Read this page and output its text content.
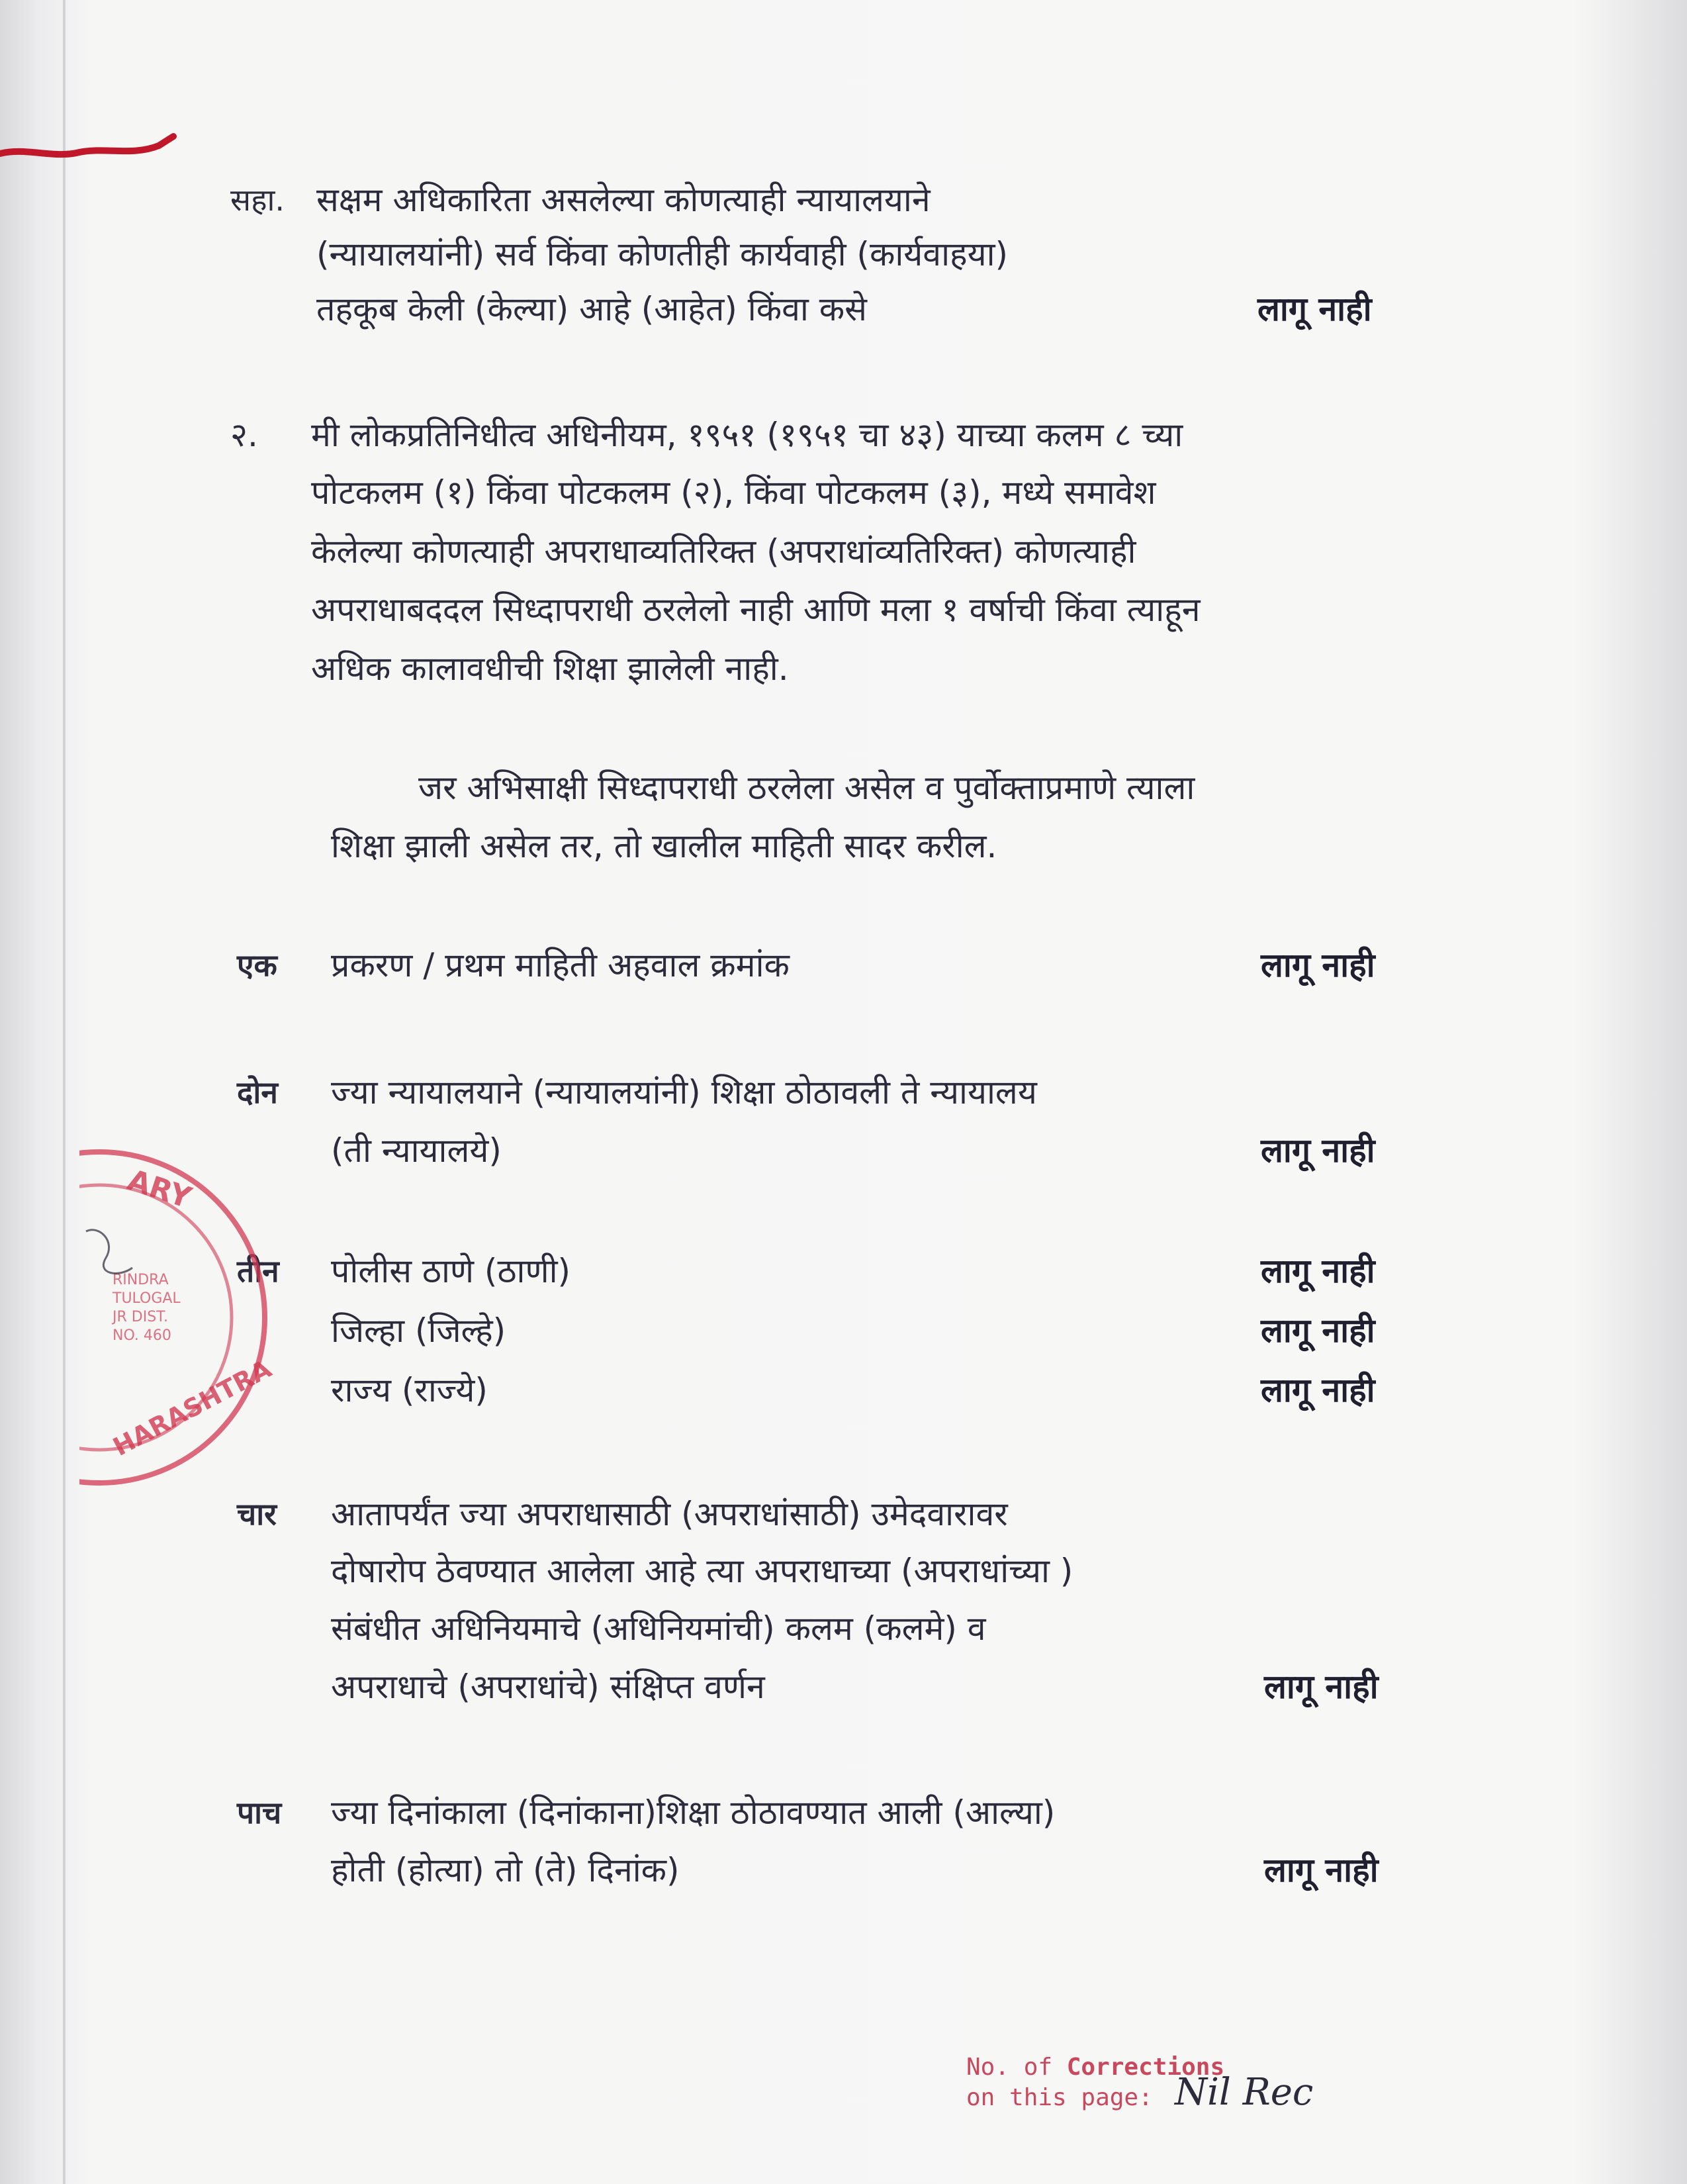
सहा. सक्षम अधिकारिता असलेल्या कोणत्याही न्यायालयाने
(न्यायालयांनी) सर्व किंवा कोणतीही कार्यवाही (कार्यवाहया)
तहकूब केली (केल्या) आहे (आहेत) किंवा कसे	लागू नाही
२. मी लोकप्रतिनिधीत्व अधिनीयम, १९५१ (१९५१ चा ४३) याच्या कलम ८ च्या
पोटकलम (१) किंवा पोटकलम (२), किंवा पोटकलम (३), मध्ये समावेश
केलेल्या कोणत्याही अपराधाव्यतिरिक्त (अपराधांव्यतिरिक्त) कोणत्याही
अपराधाबददल सिध्दापराधी ठरलेलो नाही आणि मला १ वर्षाची किंवा त्याहून
अधिक कालावधीची शिक्षा झालेली नाही.
जर अभिसाक्षी सिध्दापराधी ठरलेला असेल व पुर्वोक्ताप्रमाणे त्याला
शिक्षा झाली असेल तर, तो खालील माहिती सादर करील.
एक प्रकरण / प्रथम माहिती अहवाल क्रमांक	लागू नाही
दोन ज्या न्यायालयाने (न्यायालयांनी) शिक्षा ठोठावली ते न्यायालय
(ती न्यायालये)	लागू नाही
तीन पोलीस ठाणे (ठाणी)	लागू नाही
जिल्हा (जिल्हे)	लागू नाही
राज्य (राज्ये)	लागू नाही
चार आतापर्यंत ज्या अपराधासाठी (अपराधांसाठी) उमेदवारावर
दोषारोप ठेवण्यात आलेला आहे त्या अपराधाच्या (अपराधांच्या )
संबंधीत अधिनियमाचे (अधिनियमांची) कलम (कलमे) व
अपराधाचे (अपराधांचे) संक्षिप्त वर्णन	लागू नाही
पाच ज्या दिनांकाला (दिनांकाना)शिक्षा ठोठावण्यात आली (आल्या)
होती (होत्या) तो (ते) दिनांक)	लागू नाही
ARY
RINDRA
TULOGAL
JR DIST.
NO. 460
HARASHTRA
No. of Corrections
on this page: Nil Rec
